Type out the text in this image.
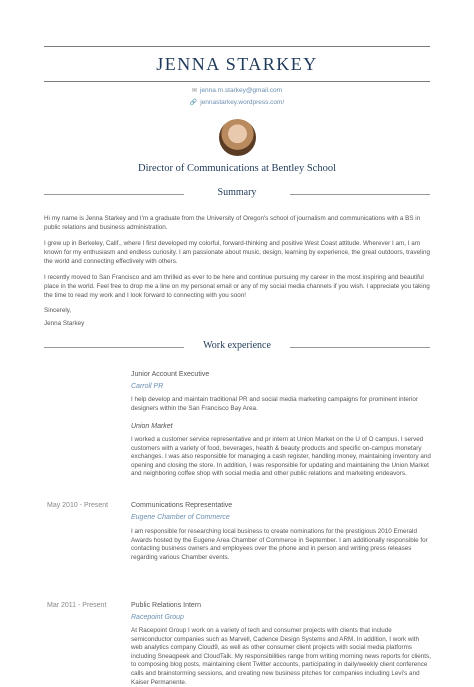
JENNA STARKEY
✉ jenna.m.starkey@gmail.com
🔗 jennastarkey.wordpress.com/
Director of Communications at Bentley School
Summary

Hi my name is Jenna Starkey and I'm a graduate from the University of Oregon's school of journalism and communications with a BS in public relations and business administration.

I grew up in Berkeley, Calif., where I first developed my colorful, forward-thinking and positive West Coast attitude. Wherever I am, I am known for my enthusiasm and endless curiosity. I am passionate about music, design, learning by experience, the great outdoors, traveling the world and connecting effectively with others.

I recently moved to San Francisco and am thrilled as ever to be here and continue pursuing my career in the most inspiring and beautiful place in the world. Feel free to drop me a line on my personal email or any of my social media channels if you wish. I appreciate you taking the time to read my work and I look forward to connecting with you soon!

Sincerely,

Jenna Starkey

Work experience
Junior Account Executive
Carroll PR

I help develop and maintain traditional PR and social media marketing campaigns for prominent interior designers within the San Francisco Bay Area.

Union Market

I worked a customer service representative and pr intern at Union Market on the U of O campus. I served customers with a variety of food, beverages, health & beauty products and specific on-campus monetary exchanges. I was also responsible for managing a cash register, handling money, maintaining inventory and opening and closing the store. In addition, I was responsible for updating and maintaining the Union Market and neighboring coffee shop with social media and other public relations and marketing endeavors.

May 2010 - Present	Communications Representative
Eugene Chamber of Commerce

I am responsible for researching local business to create nominations for the prestigious 2010 Emerald Awards hosted by the Eugene Area Chamber of Commerce in September. I am additionally responsible for contacting business owners and employees over the phone and in person and writing press releases regarding various Chamber events.

Mar 2011 - Present	Public Relations Intern
Racepoint Group

At Racepoint Group I work on a variety of tech and consumer projects with clients that include semiconductor companies such as Marvell, Cadence Design Systems and ARM. In addition, I work with web analytics company Cloud9, as well as other consumer client projects with social media platforms including Sneaqpeek and CloudTalk. My responsibilities range from writing morning news reports for clients, to composing blog posts, maintaining client Twitter accounts, participating in daily/weekly client conference calls and brainstorming sessions, and creating new business pitches for companies including Levi's and Kaiser Permanente.
